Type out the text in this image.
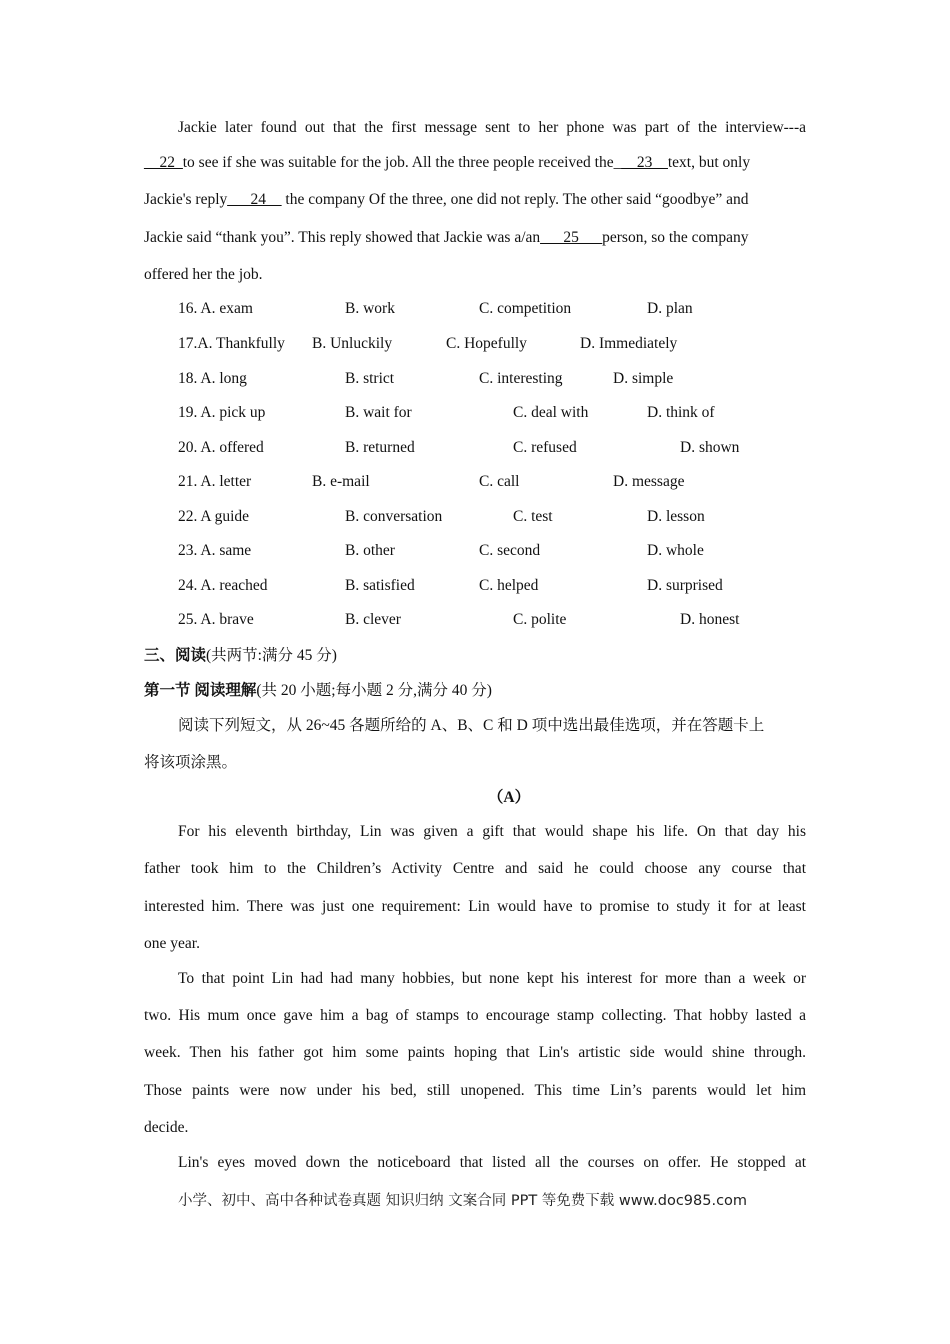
Jackie later found out that the first message sent to her phone was part of the interview---a
__22_to see if she was suitable for the job. All the three people received the___23__text, but only
Jackie's reply___24__ the company Of the three, one did not reply. The other said “goodbye” and
Jackie said “thank you”. This reply showed that Jackie was a/an___25___person, so the company
offered her the job.
16. A. exam	B. work	C. competition	D. plan
17.A. Thankfully B. Unluckily	C. Hopefully	D. Immediately
18. A. long	B. strict	C. interesting	D. simple
19. A. pick up	B. wait for	C. deal with	D. think of
20. A. offered	B. returned	C. refused	D. shown
21. A. letter	B. e-mail	C. call	D. message
22. A guide	B. conversation	C. test	D. lesson
23. A. same	B. other	C. second	D. whole
24. A. reached	B. satisfied	C. helped	D. surprised
25. A. brave	B. clever	C. polite	D. honest
三、阅读(共两节:满分 45 分)
第一节 阅读理解(共 20 小题;每小题 2 分,满分 40 分)
阅读下列短文，从 26~45 各题所给的 A、B、C 和 D 项中选出最佳选项，并在答题卡上
将该项涂黑。
（A）
For his eleventh birthday, Lin was given a gift that would shape his life. On that day his
father took him to the Children’s Activity Centre and said he could choose any course that
interested him. There was just one requirement: Lin would have to promise to study it for at least
one year.
To that point Lin had had many hobbies, but none kept his interest for more than a week or
two. His mum once gave him a bag of stamps to encourage stamp collecting. That hobby lasted a
week. Then his father got him some paints hoping that Lin's artistic side would shine through.
Those paints were now under his bed, still unopened. This time Lin’s parents would let him
decide.
Lin's eyes moved down the noticeboard that listed all the courses on offer. He stopped at
小学、初中、高中各种试卷真题 知识归纳 文案合同 PPT 等免费下载 www.doc985.com
